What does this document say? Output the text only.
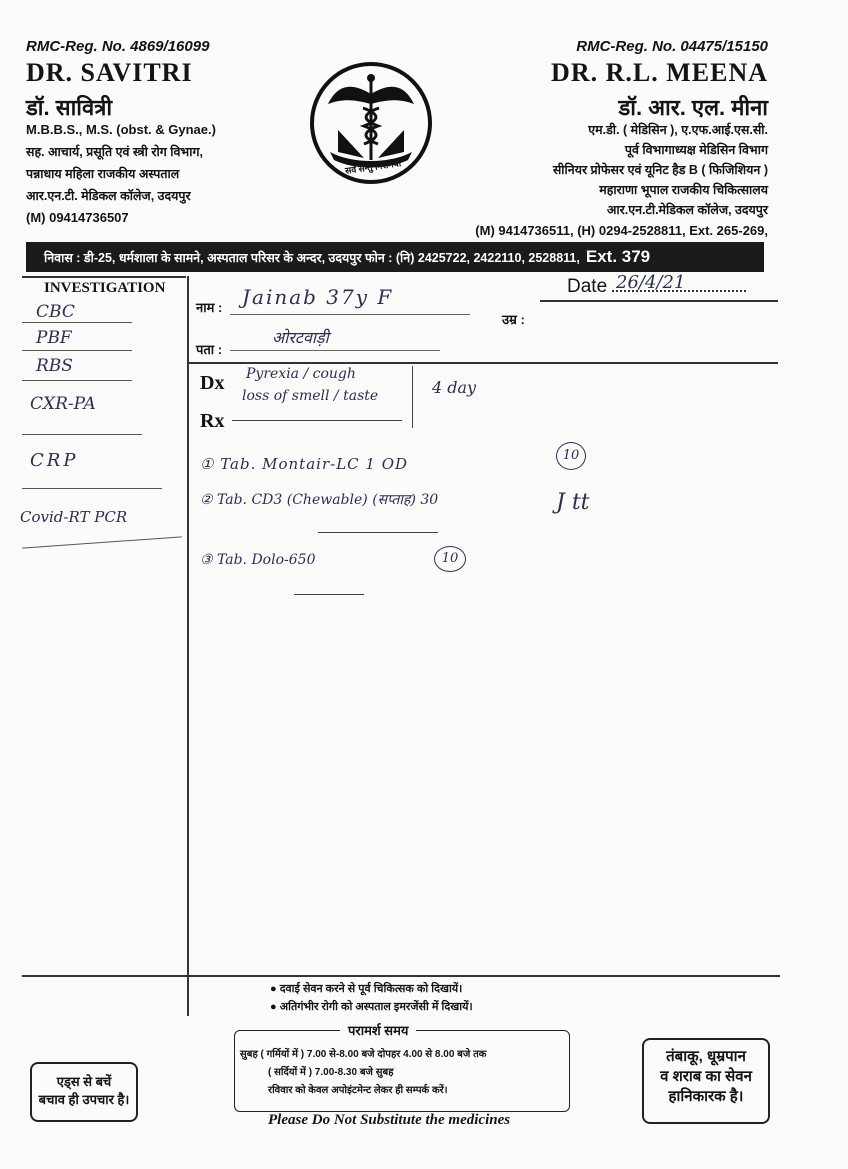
RMC-Reg. No. 4869/16099
DR. SAVITRI
डॉ. सावित्री
M.B.B.S., M.S. (obst. & Gynae.)
सह. आचार्य, प्रसूति एवं स्त्री रोग विभाग,
पन्नाधाय महिला राजकीय अस्पताल
आर.एन.टी. मेडिकल कॉलेज, उदयपुर
(M) 09414736507
सर्वे सन्तु निरामया
RMC-Reg. No. 04475/15150
DR. R.L. MEENA
डॉ. आर. एल. मीना
एम.डी. ( मेडिसिन ), ए.एफ.आई.एस.सी.
पूर्व विभागाध्यक्ष मेडिसिन विभाग
सीनियर प्रोफेसर एवं यूनिट हैड B ( फिजिशियन )
महाराणा भूपाल राजकीय चिकित्सालय
आर.एन.टी.मेडिकल कॉलेज, उदयपुर
(M) 9414736511, (H) 0294-2528811, Ext. 265-269,
निवास : डी-25, धर्मशाला के सामने, अस्पताल परिसर के अन्दर, उदयपुर फोन : (नि) 2425722, 2422110, 2528811, Ext. 379
INVESTIGATION
नाम :
उम्र :
पता :
Date 26/4/21
Dx
Rx
Jainab 37y F
ओरटवाड़ी
CBC
PBF
RBS
CXR-PA
CRP
Covid-RT PCR
Pyrexia / cough
loss of smell / taste	4 day
① Tab. Montair-LC 1 OD	10
② Tab. CD3 (Chewable) (सप्ताह) 30
③ Tab. Dolo-650	10
J tt
● दवाई सेवन करने से पूर्व चिकित्सक को दिखायें।
● अतिगंभीर रोगी को अस्पताल इमरजेंसी में दिखायें।
परामर्श समय
सुबह ( गर्मियों में ) 7.00 से-8.00 बजे दोपहर 4.00 से 8.00 बजे तक
( सर्दियों में ) 7.00-8.30 बजे सुबह
रविवार को केवल अपोइंटमेन्ट लेकर ही सम्पर्क करें।
एड्स से बचें
बचाव ही उपचार है।
तंबाकू, धूम्रपान
व शराब का सेवन
हानिकारक है।
Please Do Not Substitute the medicines
